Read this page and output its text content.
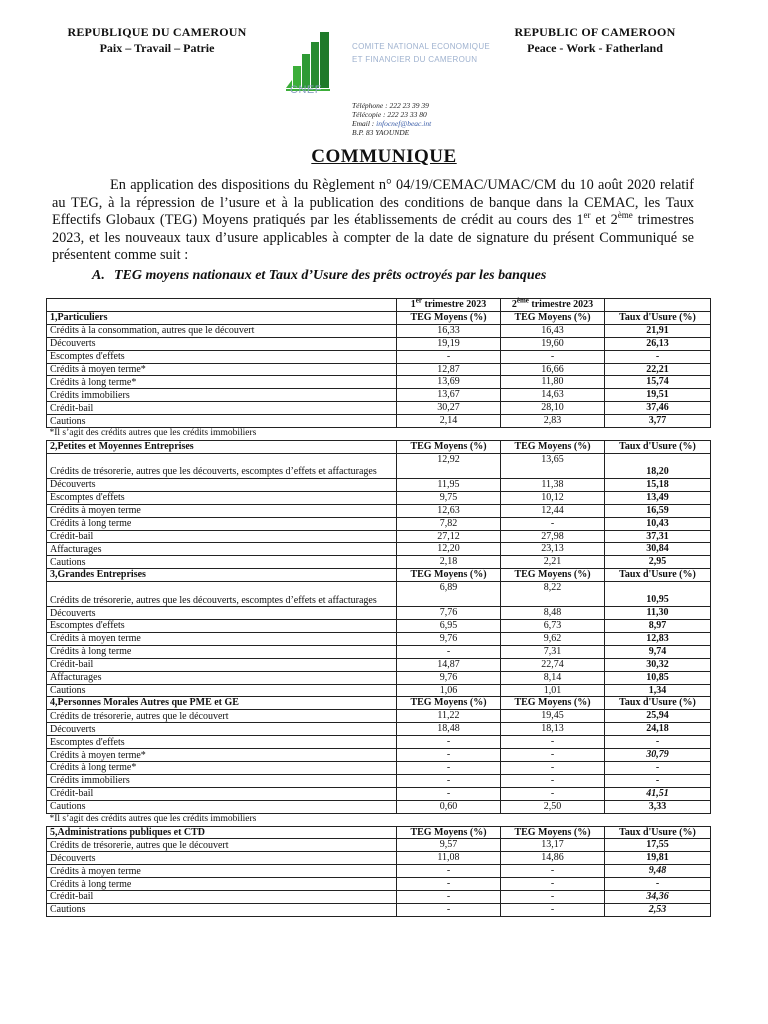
REPUBLIQUE DU CAMEROUN
Paix – Travail – Patrie
CNEF
COMITE NATIONAL ECONOMIQUE
ET FINANCIER DU CAMEROUN
Téléphone : 222 23 39 39
Télécopie : 222 23 33 80
Email : infocnef@beac.int
B.P. 83 YAOUNDE
REPUBLIC OF CAMEROON
Peace - Work - Fatherland
COMMUNIQUE

En application des dispositions du Règlement n° 04/19/CEMAC/UMAC/CM du 10 août 2020 relatif au TEG, à la répression de l’usure et à la publication des conditions de banque dans la CEMAC, les Taux Effectifs Globaux (TEG) Moyens pratiqués par les établissements de crédit au cours des 1er et 2ème trimestres 2023, et les nouveaux taux d’usure applicables à compter de la date de signature du présent Communiqué se présentent comme suit :

A. TEG moyens nationaux et Taux d’Usure des prêts octroyés par les banques
	1er trimestre 2023	2ème trimestre 2023	
1,Particuliers	TEG Moyens (%)	TEG Moyens (%)	Taux d'Usure (%)
Crédits à la consommation, autres que le découvert	16,33	16,43	21,91
Découverts	19,19	19,60	26,13
Escomptes d'effets	-	-	-
Crédits à moyen terme*	12,87	16,66	22,21
Crédits à long terme*	13,69	11,80	15,74
Crédits immobiliers	13,67	14,63	19,51
Crédit-bail	30,27	28,10	37,46
Cautions	2,14	2,83	3,77
*Il s’agit des crédits autres que les crédits immobiliers			
2,Petites et Moyennes Entreprises	TEG Moyens (%)	TEG Moyens (%)	Taux d'Usure (%)
Crédits de trésorerie, autres que les découverts, escomptes d’effets et affacturages	12,92	13,65	18,20
Découverts	11,95	11,38	15,18
Escomptes d'effets	9,75	10,12	13,49
Crédits à moyen terme	12,63	12,44	16,59
Crédits à long terme	7,82	-	10,43
Crédit-bail	27,12	27,98	37,31
Affacturages	12,20	23,13	30,84
Cautions	2,18	2,21	2,95
3,Grandes Entreprises	TEG Moyens (%)	TEG Moyens (%)	Taux d'Usure (%)
Crédits de trésorerie, autres que les découverts, escomptes d’effets et affacturages	6,89	8,22	10,95
Découverts	7,76	8,48	11,30
Escomptes d'effets	6,95	6,73	8,97
Crédits à moyen terme	9,76	9,62	12,83
Crédits à long terme	-	7,31	9,74
Crédit-bail	14,87	22,74	30,32
Affacturages	9,76	8,14	10,85
Cautions	1,06	1,01	1,34
4,Personnes Morales Autres que PME et GE	TEG Moyens (%)	TEG Moyens (%)	Taux d'Usure (%)
Crédits de trésorerie, autres que le découvert	11,22	19,45	25,94
Découverts	18,48	18,13	24,18
Escomptes d'effets	-	-	-
Crédits à moyen terme*	-	-	30,79
Crédits à long terme*	-	-	-
Crédits immobiliers	-	-	-
Crédit-bail	-	-	41,51
Cautions	0,60	2,50	3,33
*Il s’agit des crédits autres que les crédits immobiliers			
5,Administrations publiques et CTD	TEG Moyens (%)	TEG Moyens (%)	Taux d'Usure (%)
Crédits de trésorerie, autres que le découvert	9,57	13,17	17,55
Découverts	11,08	14,86	19,81
Crédits à moyen terme	-	-	9,48
Crédits à long terme	-	-	-
Crédit-bail	-	-	34,36
Cautions	-	-	2,53
